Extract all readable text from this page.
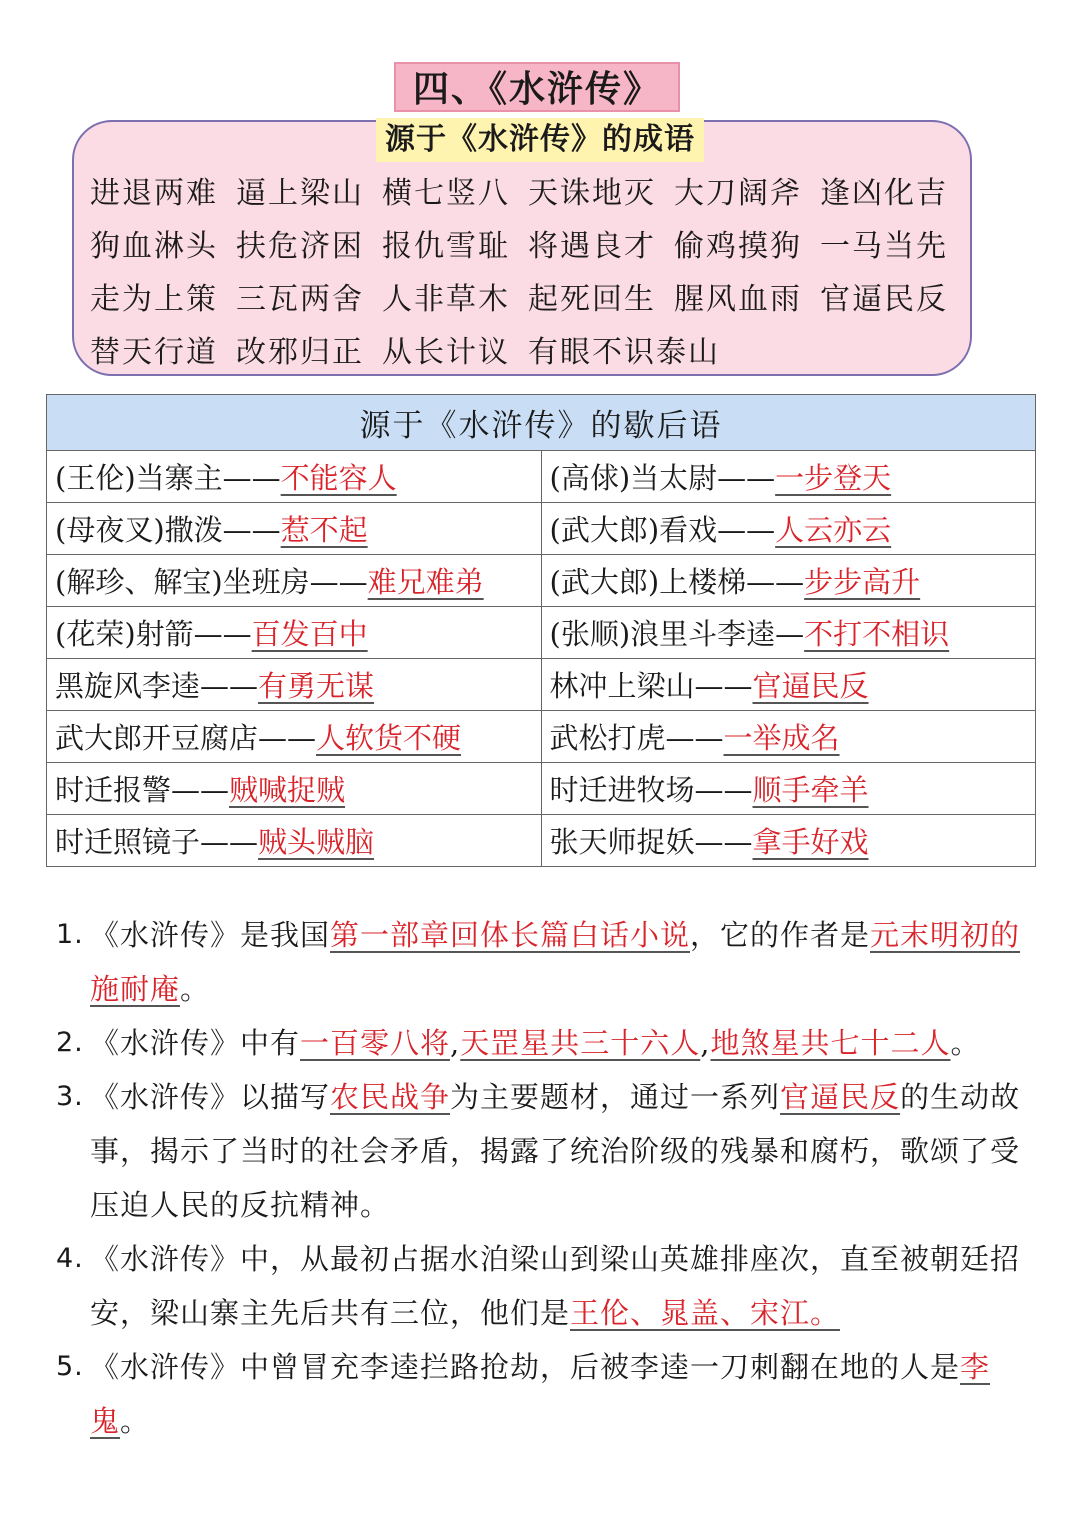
四、《水浒传》
源于《水浒传》的成语
进退两难 逼上梁山 横七竖八 天诛地灭 大刀阔斧 逢凶化吉
狗血淋头 扶危济困 报仇雪耻 将遇良才 偷鸡摸狗 一马当先
走为上策 三瓦两舍 人非草木 起死回生 腥风血雨 官逼民反
替天行道 改邪归正 从长计议 有眼不识泰山
源于《水浒传》的歇后语	
(王伦)当寨主——不能容人	(高俅)当太尉——一步登天
(母夜叉)撒泼——惹不起	(武大郎)看戏——人云亦云
(解珍、解宝)坐班房——难兄难弟	(武大郎)上楼梯——步步高升
(花荣)射箭——百发百中	(张顺)浪里斗李逵—不打不相识
黑旋风李逵——有勇无谋	林冲上梁山——官逼民反
武大郎开豆腐店——人软货不硬	武松打虎——一举成名
时迁报警——贼喊捉贼	时迁进牧场——顺手牵羊
时迁照镜子——贼头贼脑	张天师捉妖——拿手好戏
1. 《水浒传》是我国第一部章回体长篇白话小说，它的作者是元末明初的施耐庵。
2. 《水浒传》中有一百零八将,天罡星共三十六人,地煞星共七十二人。
3. 《水浒传》以描写农民战争为主要题材，通过一系列官逼民反的生动故事，揭示了当时的社会矛盾，揭露了统治阶级的残暴和腐朽，歌颂了受压迫人民的反抗精神。
4. 《水浒传》中，从最初占据水泊梁山到梁山英雄排座次，直至被朝廷招安，梁山寨主先后共有三位，他们是王伦、晁盖、宋江。
5. 《水浒传》中曾冒充李逵拦路抢劫，后被李逵一刀刺翻在地的人是李鬼。
